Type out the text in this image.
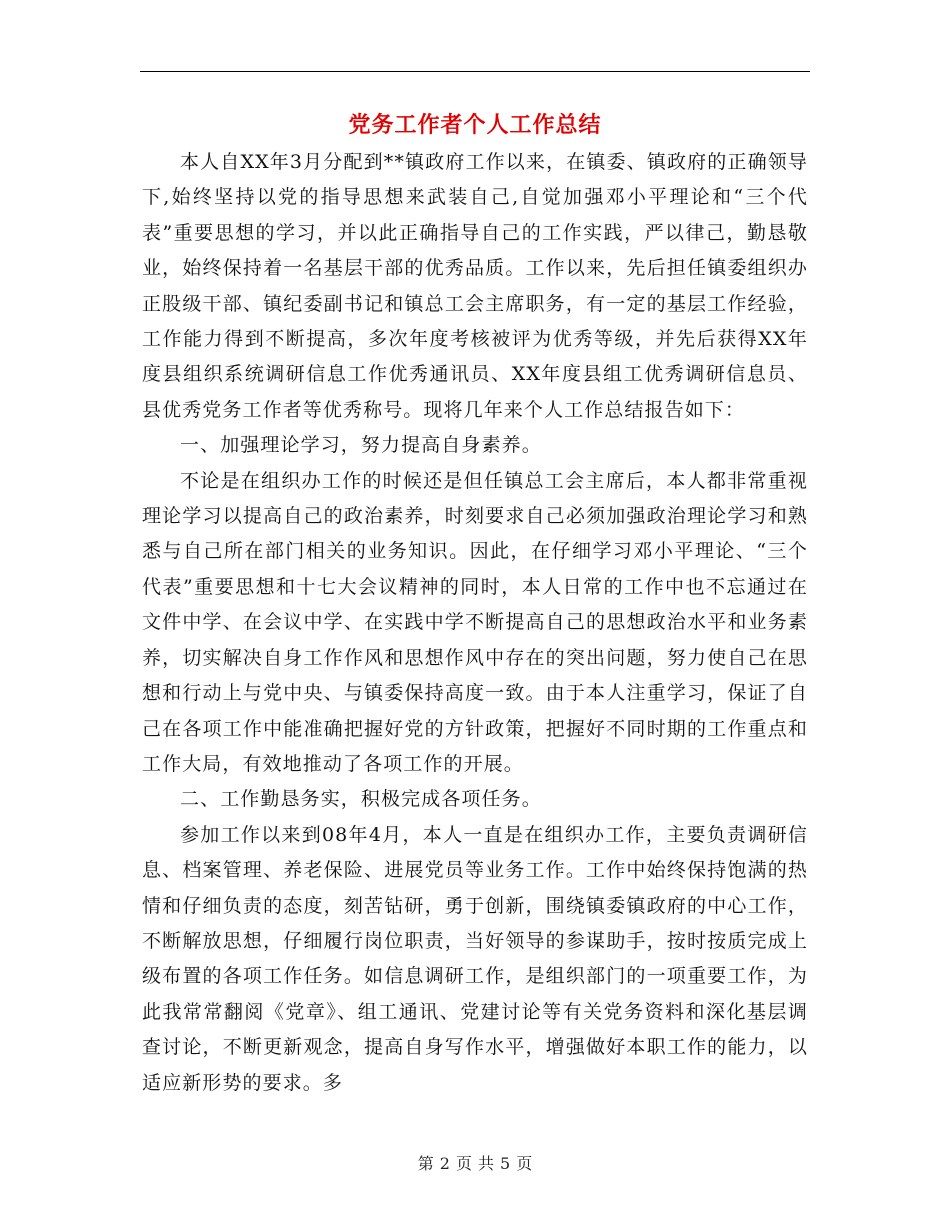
党务工作者个人工作总结

本人自XX年3月分配到**镇政府工作以来，在镇委、镇政府的正确领导下,始终坚持以党的指导思想来武装自己,自觉加强邓小平理论和“三个代表”重要思想的学习，并以此正确指导自己的工作实践，严以律己，勤恳敬业，始终保持着一名基层干部的优秀品质。工作以来，先后担任镇委组织办正股级干部、镇纪委副书记和镇总工会主席职务，有一定的基层工作经验，工作能力得到不断提高，多次年度考核被评为优秀等级，并先后获得XX年度县组织系统调研信息工作优秀通讯员、XX年度县组工优秀调研信息员、县优秀党务工作者等优秀称号。现将几年来个人工作总结报告如下：

一、加强理论学习，努力提高自身素养。

不论是在组织办工作的时候还是但任镇总工会主席后，本人都非常重视理论学习以提高自己的政治素养，时刻要求自己必须加强政治理论学习和熟悉与自己所在部门相关的业务知识。因此，在仔细学习邓小平理论、“三个代表”重要思想和十七大会议精神的同时，本人日常的工作中也不忘通过在文件中学、在会议中学、在实践中学不断提高自己的思想政治水平和业务素养，切实解决自身工作作风和思想作风中存在的突出问题，努力使自己在思想和行动上与党中央、与镇委保持高度一致。由于本人注重学习，保证了自己在各项工作中能准确把握好党的方针政策，把握好不同时期的工作重点和工作大局，有效地推动了各项工作的开展。

二、工作勤恳务实，积极完成各项任务。

参加工作以来到08年4月，本人一直是在组织办工作，主要负责调研信息、档案管理、养老保险、进展党员等业务工作。工作中始终保持饱满的热情和仔细负责的态度，刻苦钻研，勇于创新，围绕镇委镇政府的中心工作，不断解放思想，仔细履行岗位职责，当好领导的参谋助手，按时按质完成上级布置的各项工作任务。如信息调研工作，是组织部门的一项重要工作，为此我常常翻阅《党章》、组工通讯、党建讨论等有关党务资料和深化基层调查讨论，不断更新观念，提高自身写作水平，增强做好本职工作的能力，以适应新形势的要求。多

第 2 页 共 5 页
